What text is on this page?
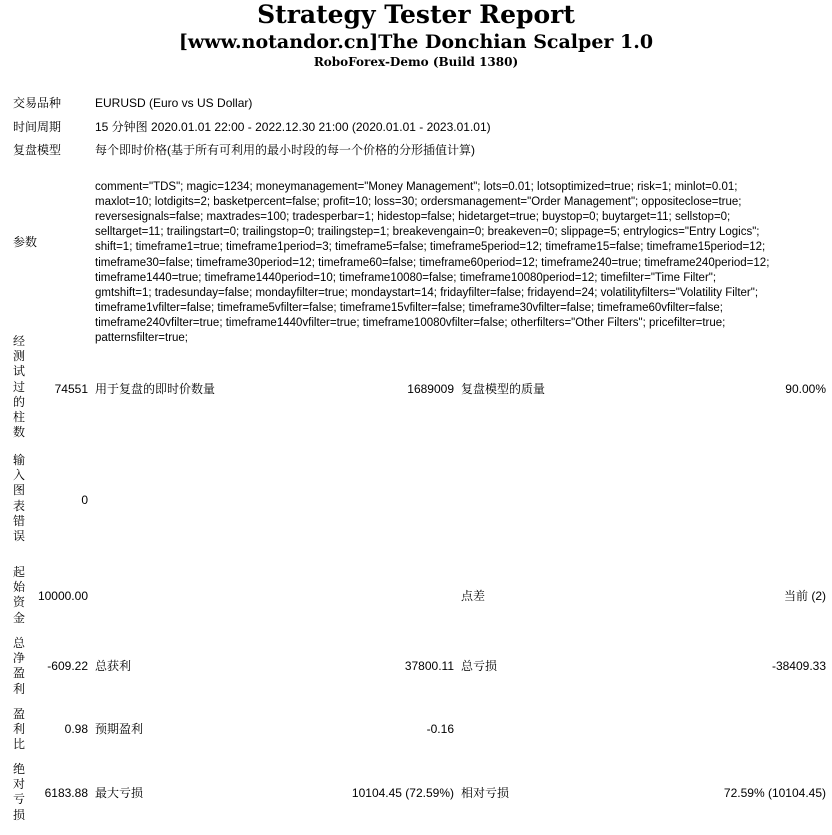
Strategy Tester Report
[www.notandor.cn]The Donchian Scalper 1.0
RoboForex-Demo (Build 1380)
交易品种	EURUSD (Euro vs US Dollar)
时间周期	15 分钟图 2020.01.01 22:00 - 2022.12.30 21:00 (2020.01.01 - 2023.01.01)
复盘模型	每个即时价格(基于所有可利用的最小时段的每一个价格的分形插值计算)
参数

comment="TDS"; magic=1234; moneymanagement="Money Management"; lots=0.01; lotsoptimized=true; risk=1; minlot=0.01;
maxlot=10; lotdigits=2; basketpercent=false; profit=10; loss=30; ordersmanagement="Order Management"; oppositeclose=true;
reversesignals=false; maxtrades=100; tradesperbar=1; hidestop=false; hidetarget=true; buystop=0; buytarget=11; sellstop=0;
selltarget=11; trailingstart=0; trailingstop=0; trailingstep=1; breakevengain=0; breakeven=0; slippage=5; entrylogics="Entry Logics";
shift=1; timeframe1=true; timeframe1period=3; timeframe5=false; timeframe5period=12; timeframe15=false; timeframe15period=12;
timeframe30=false; timeframe30period=12; timeframe60=false; timeframe60period=12; timeframe240=true; timeframe240period=12;
timeframe1440=true; timeframe1440period=10; timeframe10080=false; timeframe10080period=12; timefilter="Time Filter";
gmtshift=1; tradesunday=false; mondayfilter=true; mondaystart=14; fridayfilter=false; fridayend=24; volatilityfilters="Volatility Filter";
timeframe1vfilter=false; timeframe5vfilter=false; timeframe15vfilter=false; timeframe30vfilter=false; timeframe60vfilter=false;
timeframe240vfilter=true; timeframe1440vfilter=true; timeframe10080vfilter=false; otherfilters="Other Filters"; pricefilter=true;
patternsfilter=true;

经测试过的柱数
74551 用于复盘的即时价数量	1689009 复盘模型的质量	90.00%
输入图表错误
0
起始资金
10000.00	点差	当前 (2)
总净盈利
-609.22 总获利	37800.11 总亏损	-38409.33
盈利比
0.98 预期盈利	-0.16
绝对亏损
6183.88 最大亏损	10104.45 (72.59%) 相对亏损	72.59% (10104.45)
